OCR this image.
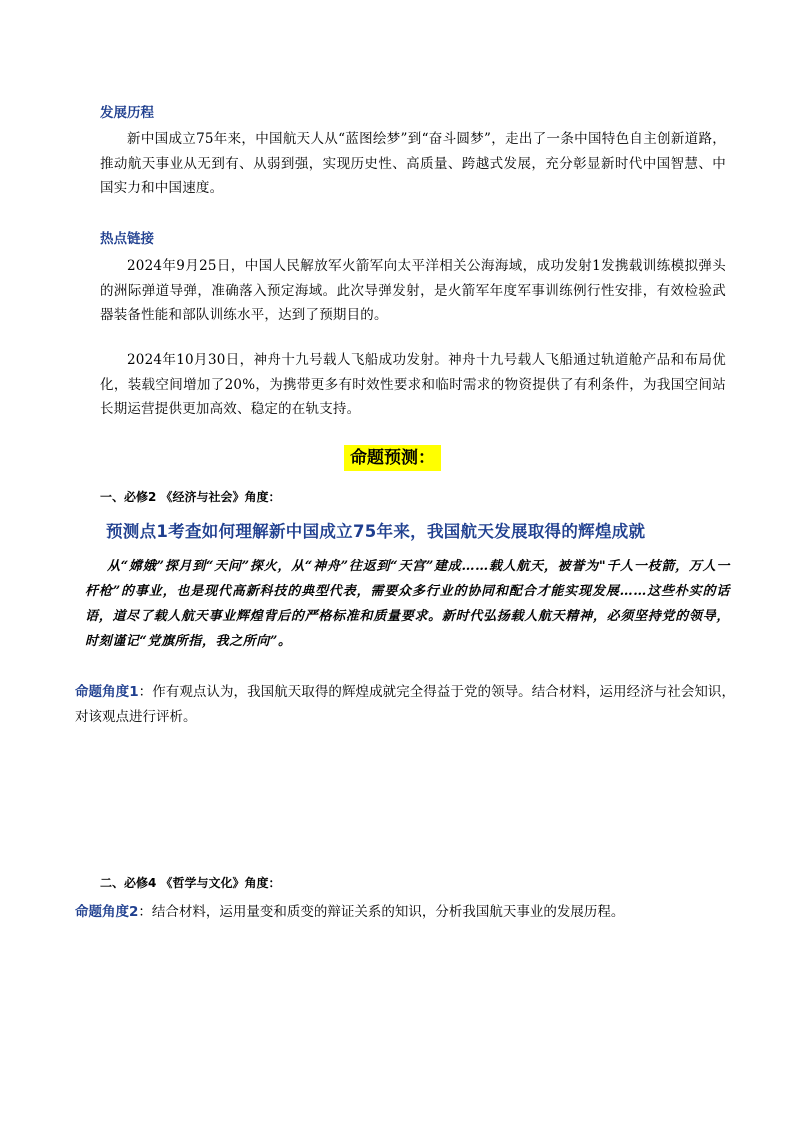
发展历程

新中国成立75年来，中国航天人从“蓝图绘梦”到“奋斗圆梦”，走出了一条中国特色自主创新道路，推动航天事业从无到有、从弱到强，实现历史性、高质量、跨越式发展，充分彰显新时代中国智慧、中国实力和中国速度。

热点链接

2024年9月25日，中国人民解放军火箭军向太平洋相关公海海域，成功发射1发携载训练模拟弹头的洲际弹道导弹，准确落入预定海域。此次导弹发射，是火箭军年度军事训练例行性安排，有效检验武器装备性能和部队训练水平，达到了预期目的。

2024年10月30日，神舟十九号载人飞船成功发射。神舟十九号载人飞船通过轨道舱产品和布局优化，装载空间增加了20%，为携带更多有时效性要求和临时需求的物资提供了有利条件，为我国空间站长期运营提供更加高效、稳定的在轨支持。

命题预测：
一、必修2 《经济与社会》角度：
预测点1考查如何理解新中国成立75年来，我国航天发展取得的辉煌成就

从“嫦娥”探月到“天问”探火，从“神舟”往返到“天宫”建成……载人航天，被誉为"千人一枝箭，万人一杆枪”的事业，也是现代高新科技的典型代表，需要众多行业的协同和配合才能实现发展……这些朴实的话语，道尽了载人航天事业辉煌背后的严格标准和质量要求。新时代弘扬载人航天精神，必须坚持党的领导，时刻谨记“党旗所指，我之所向”。

命题角度1：作有观点认为，我国航天取得的辉煌成就完全得益于党的领导。结合材料，运用经济与社会知识，对该观点进行评析。

二、必修4 《哲学与文化》角度：

命题角度2：结合材料，运用量变和质变的辩证关系的知识，分析我国航天事业的发展历程。
